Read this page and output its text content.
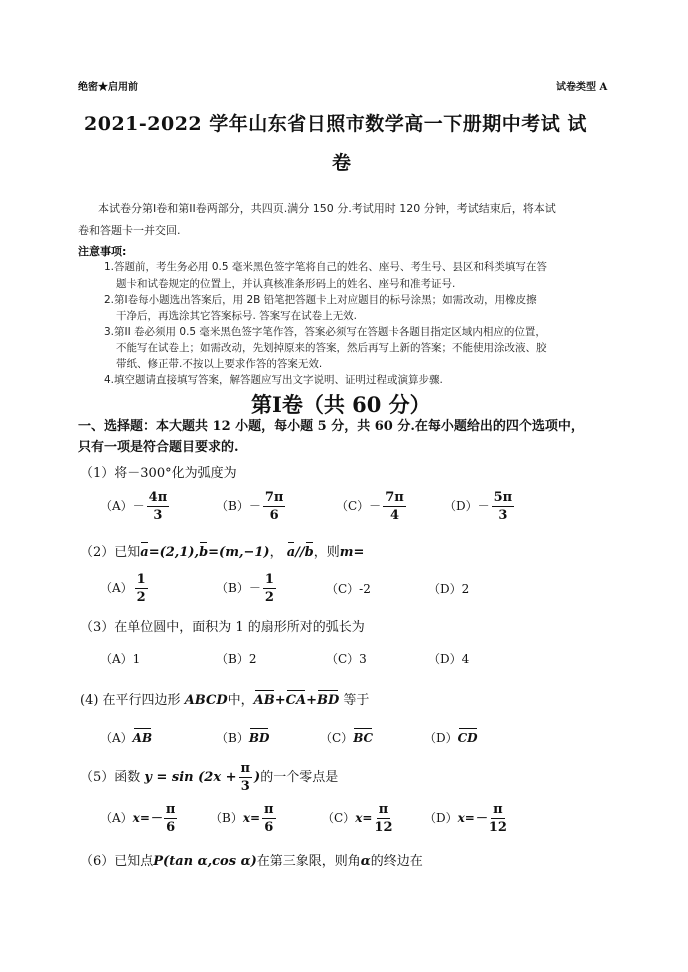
绝密★启用前	试卷类型 A
2021-2022 学年山东省日照市数学高一下册期中考试 试
卷
本试卷分第Ⅰ卷和第II卷两部分，共四页.满分 150 分.考试用时 120 分钟，考试结束后，将本试
卷和答题卡一并交回.
注意事项:
1.答题前，考生务必用 0.5 毫米黑色签字笔将自己的姓名、座号、考生号、县区和科类填写在答
题卡和试卷规定的位置上，并认真核准条形码上的姓名、座号和准考证号.
2.第Ⅰ卷每小题选出答案后，用 2B 铅笔把答题卡上对应题目的标号涂黑；如需改动，用橡皮擦
干净后，再选涂其它答案标号. 答案写在试卷上无效.
3.第II 卷必须用 0.5 毫米黑色签字笔作答，答案必须写在答题卡各题目指定区域内相应的位置，
不能写在试卷上；如需改动，先划掉原来的答案，然后再写上新的答案；不能使用涂改液、胶
带纸、修正带.不按以上要求作答的答案无效.
4.填空题请直接填写答案，解答题应写出文字说明、证明过程或演算步骤.
第Ⅰ卷（共 60 分）
一、选择题：本大题共 12 小题，每小题 5 分，共 60 分.在每小题给出的四个选项中，
只有一项是符合题目要求的.
（1）将－300°化为弧度为
$(A)- \frac{4\pi}{3}$	$(B)- \frac{7\pi}{6}$	$(C)- \frac{7\pi}{4}$	$(D)- \frac{5\pi}{3}$
（2）已知a=(2,1),b=(m,−1)， a//b，则m=
$(A) \frac{1}{2}$	$(B)- \frac{1}{2}$	（C）-2	（D）2
（3）在单位圆中，面积为 1 的扇形所对的弧长为
（A）1	（B）2	（C）3	（D）4
(4) 在平行四边形 ABCD中，AB+CA+BD 等于
（A）AB	（B）BD	（C）BC	（D）CD
（5）函数 $y = \sin (2x + \frac{\pi}{3}$ )的一个零点是
$(A)x=- \frac{\pi}{6}$	$(B)x= \frac{\pi}{6}$	$(C)x= \frac{\pi}{12}$	$(D)x=- \frac{\pi}{12}$
（6）已知点P(tan α,cos α)在第三象限，则角α的终边在
